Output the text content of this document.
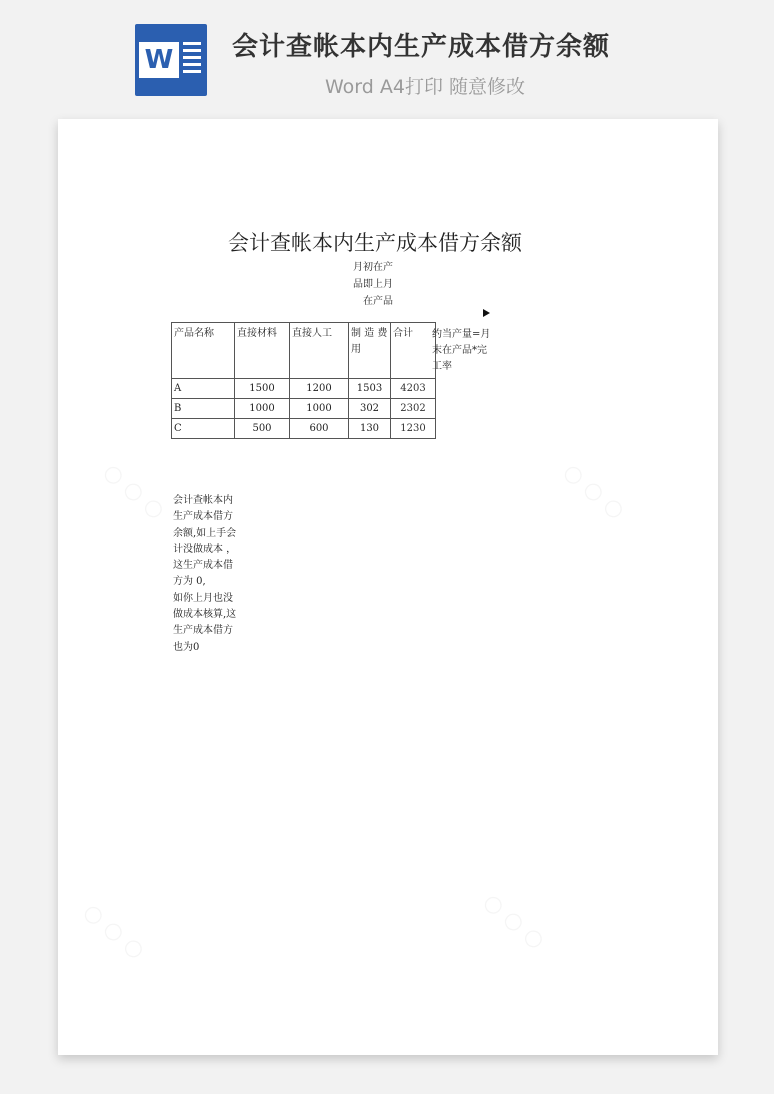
W 会计查帐本内生产成本借方余额
Word A4打印 随意修改
○ ○ ○	○ ○ ○
○ ○ ○	○ ○ ○
会计查帐本内生产成本借方余额
月初在产品即上月在产品
产品名称	直接材料	直接人工	制 造 费 用	合计
A	1500	1200	1503	4203
B	1000	1000	302	2302
C	500	600	130	1230
约当产量=月末在产品*完工率
会计查帐本内生产成本借方余额,如上手会计没做成本 ，这生产成本借方为 0,
如你上月也没做成本核算,这生产成本借方也为0
